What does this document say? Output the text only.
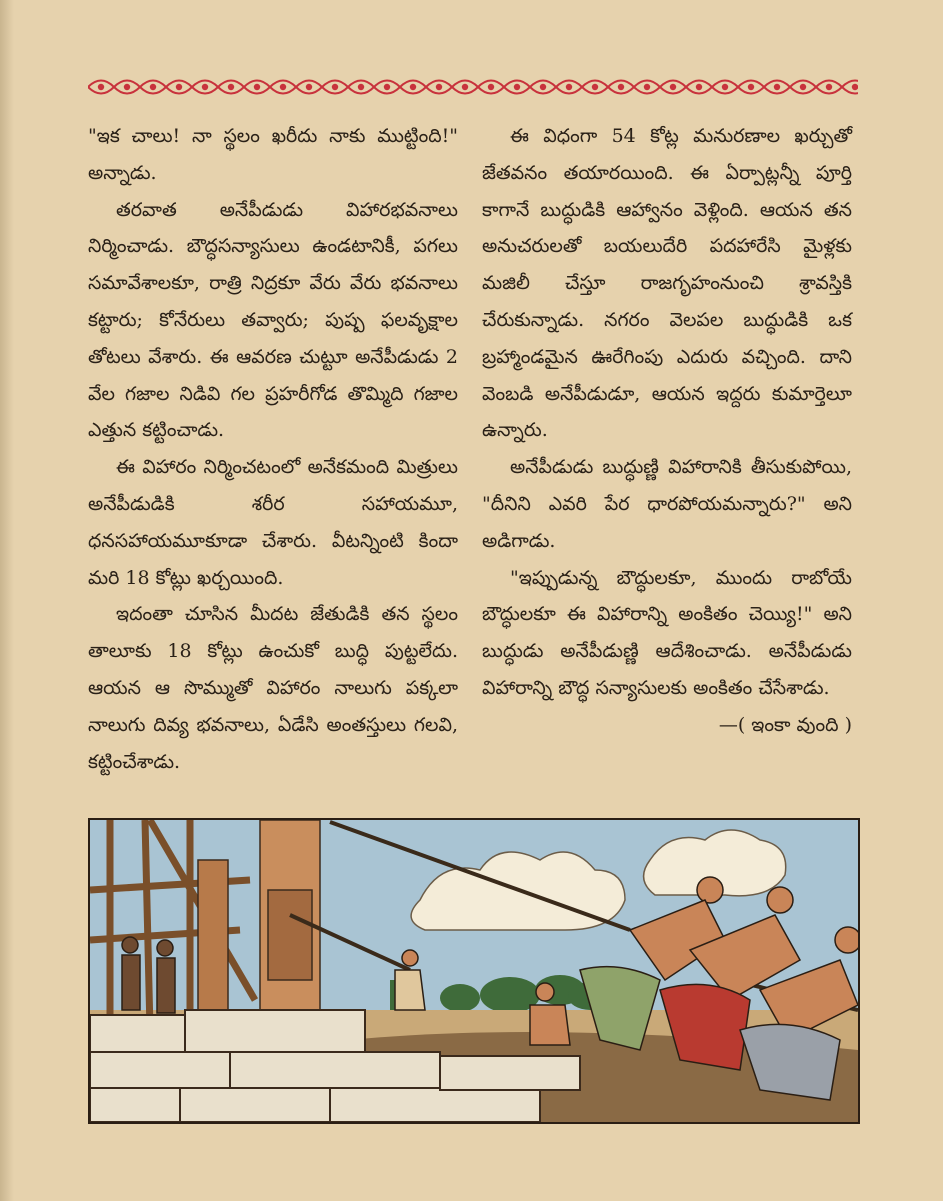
"ఇక చాలు! నా స్థలం ఖరీదు నాకు ముట్టింది!" అన్నాడు.

తరవాత అనేపీడుడు విహారభవనాలు నిర్మించాడు. బౌద్ధసన్యాసులు ఉండటానికీ, పగలు సమావేశాలకూ, రాత్రి నిద్రకూ వేరు వేరు భవనాలు కట్టారు; కోనేరులు తవ్వారు; పుష్ప ఫలవృక్షాల తోటలు వేశారు. ఈ ఆవరణ చుట్టూ అనేపీడుడు 2 వేల గజాల నిడివి గల ప్రహరీగోడ తొమ్మిది గజాల ఎత్తున కట్టించాడు.

ఈ విహారం నిర్మించటంలో అనేకమంది మిత్రులు అనేపీడుడికి శరీర సహాయమూ, ధనసహాయమూకూడా చేశారు. వీటన్నింటి కిందా మరి 18 కోట్లు ఖర్చయింది.

ఇదంతా చూసిన మీదట జేతుడికి తన స్థలం తాలూకు 18 కోట్లు ఉంచుకో బుద్ధి పుట్టలేదు. ఆయన ఆ సొమ్ముతో విహారం నాలుగు పక్కలా నాలుగు దివ్య భవనాలు, ఏడేసి అంతస్తులు గలవి, కట్టించేశాడు.

ఈ విధంగా 54 కోట్ల మనురణాల ఖర్చుతో జేతవనం తయారయింది. ఈ ఏర్పాట్లన్నీ పూర్తి కాగానే బుద్ధుడికి ఆహ్వానం వెళ్లింది. ఆయన తన అనుచరులతో బయలుదేరి పదహారేసి మైళ్లకు మజిలీ చేస్తూ రాజగృహంనుంచి శ్రావస్తికి చేరుకున్నాడు. నగరం వెలపల బుద్ధుడికి ఒక బ్రహ్మాండమైన ఊరేగింపు ఎదురు వచ్చింది. దాని వెంబడి అనేపీడుడూ, ఆయన ఇద్దరు కుమార్తెలూ ఉన్నారు.

అనేపీడుడు బుద్ధుణ్ణి విహారానికి తీసుకుపోయి, "దీనిని ఎవరి పేర ధారపోయమన్నారు?" అని అడిగాడు.

"ఇప్పుడున్న బౌద్ధులకూ, ముందు రాబోయే బౌద్ధులకూ ఈ విహారాన్ని అంకితం చెయ్యి!" అని బుద్ధుడు అనేపీడుణ్ణి ఆదేశించాడు. అనేపీడుడు విహారాన్ని బౌద్ధ సన్యాసులకు అంకితం చేసేశాడు.

—( ఇంకా వుంది )
